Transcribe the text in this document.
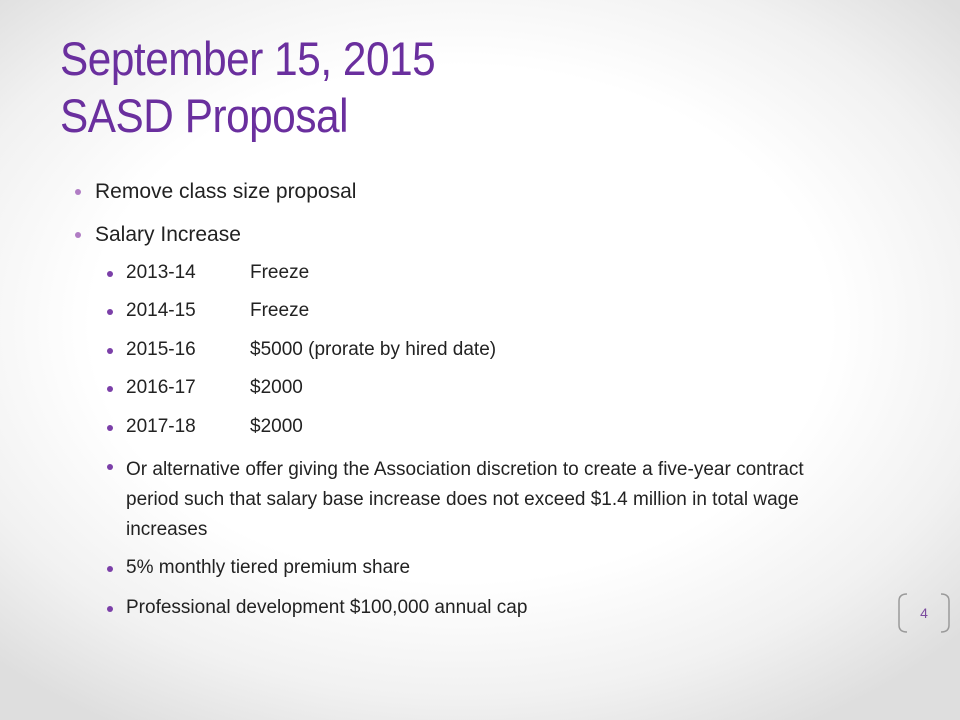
September 15, 2015
SASD Proposal
Remove class size proposal
Salary Increase
2013-14	Freeze
2014-15	Freeze
2015-16	$5000 (prorate by hired date)
2016-17	$2000
2017-18	$2000
Or alternative offer giving the Association discretion to create a five-year contract period such that salary base increase does not exceed $1.4 million in total wage increases
5% monthly tiered premium share
Professional development $100,000 annual cap	4
